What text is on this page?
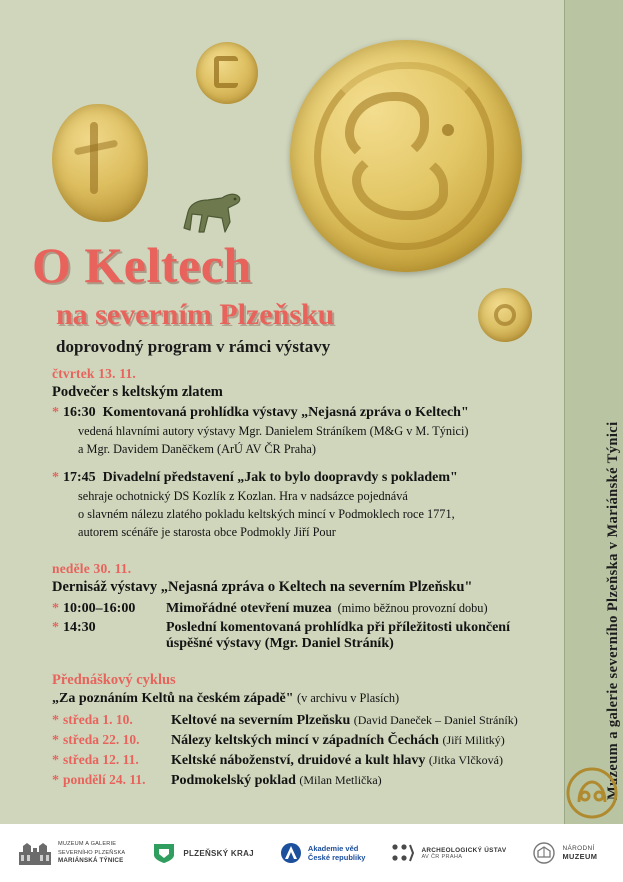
Muzeum a galerie severního Plzeňska v Mariánské Týnici
O Keltech
na severním Plzeňsku
doprovodný program v rámci výstavy
čtvrtek 13. 11.
Podvečer s keltským zlatem
* 16:30 Komentovaná prohlídka výstavy „Nejasná zpráva o Keltech"
vedená hlavními autory výstavy Mgr. Danielem Stráníkem (M&G v M. Týnici)
a Mgr. Davidem Daněčkem (ArÚ AV ČR Praha)
* 17:45 Divadelní představení „Jak to bylo doopravdy s pokladem"
sehraje ochotnický DS Kozlík z Kozlan. Hra v nadsázce pojednává
o slavném nálezu zlatého pokladu keltských mincí v Podmoklech roce 1771,
autorem scénáře je starosta obce Podmokly Jiří Pour
neděle 30. 11.
Dernisáž výstavy „Nejasná zpráva o Keltech na severním Plzeňsku"
* 10:00–16:00	Mimořádné otevření muzea (mimo běžnou provozní dobu)
* 14:30	Poslední komentovaná prohlídka při příležitosti ukončení
úspěšné výstavy (Mgr. Daniel Stráník)
Přednáškový cyklus
„Za poznáním Keltů na českém západě" (v archivu v Plasích)
* středa 1. 10.	Keltové na severním Plzeňsku (David Daneček – Daniel Stráník)
* středa 22. 10.	Nálezy keltských mincí v západních Čechách (Jiří Militký)
* středa 12. 11.	Keltské náboženství, druidové a kult hlavy (Jitka Vlčková)
* pondělí 24. 11.	Podmokelský poklad (Milan Metlička)
MUZEUM A GALERIE
SEVERNÍHO PLZEŇSKA
MARIÁNSKÁ TÝNICE
PLZEŇSKÝ KRAJ	Akademie věd
České republiky
ARCHEOLOGICKÝ ÚSTAV
AV ČR PRAHA
NÁRODNÍ
MUZEUM
